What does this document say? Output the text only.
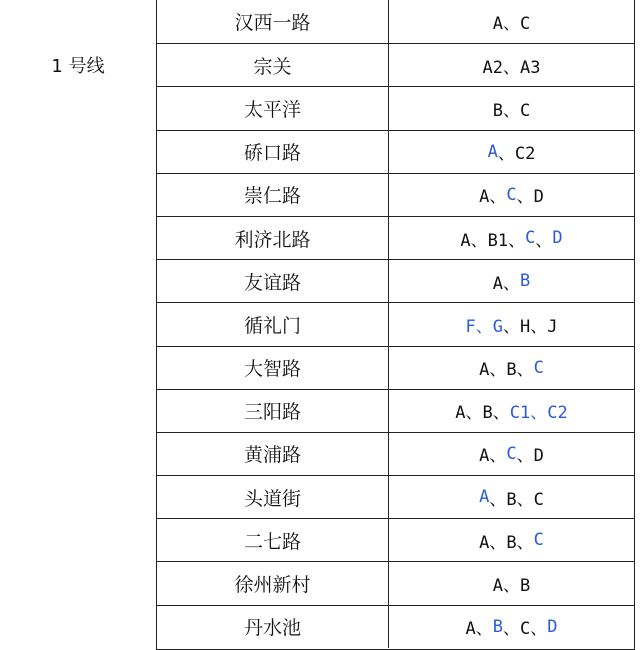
1 号线
汉西一路	A、C
宗关	A2、A3
太平洋	B、C
硚口路	A 、C2
崇仁路	A、 C 、D
利济北路	A、B1、 C 、 D
友谊路	A、 B
循礼门	F、G 、H、J
大智路	A、B、 C
三阳路	A、B、 C1、C2
黄浦路	A、 C 、D
头道街	A 、B、C
二七路	A、B、 C
徐州新村	A、B
丹水池	A、 B 、C、 D
